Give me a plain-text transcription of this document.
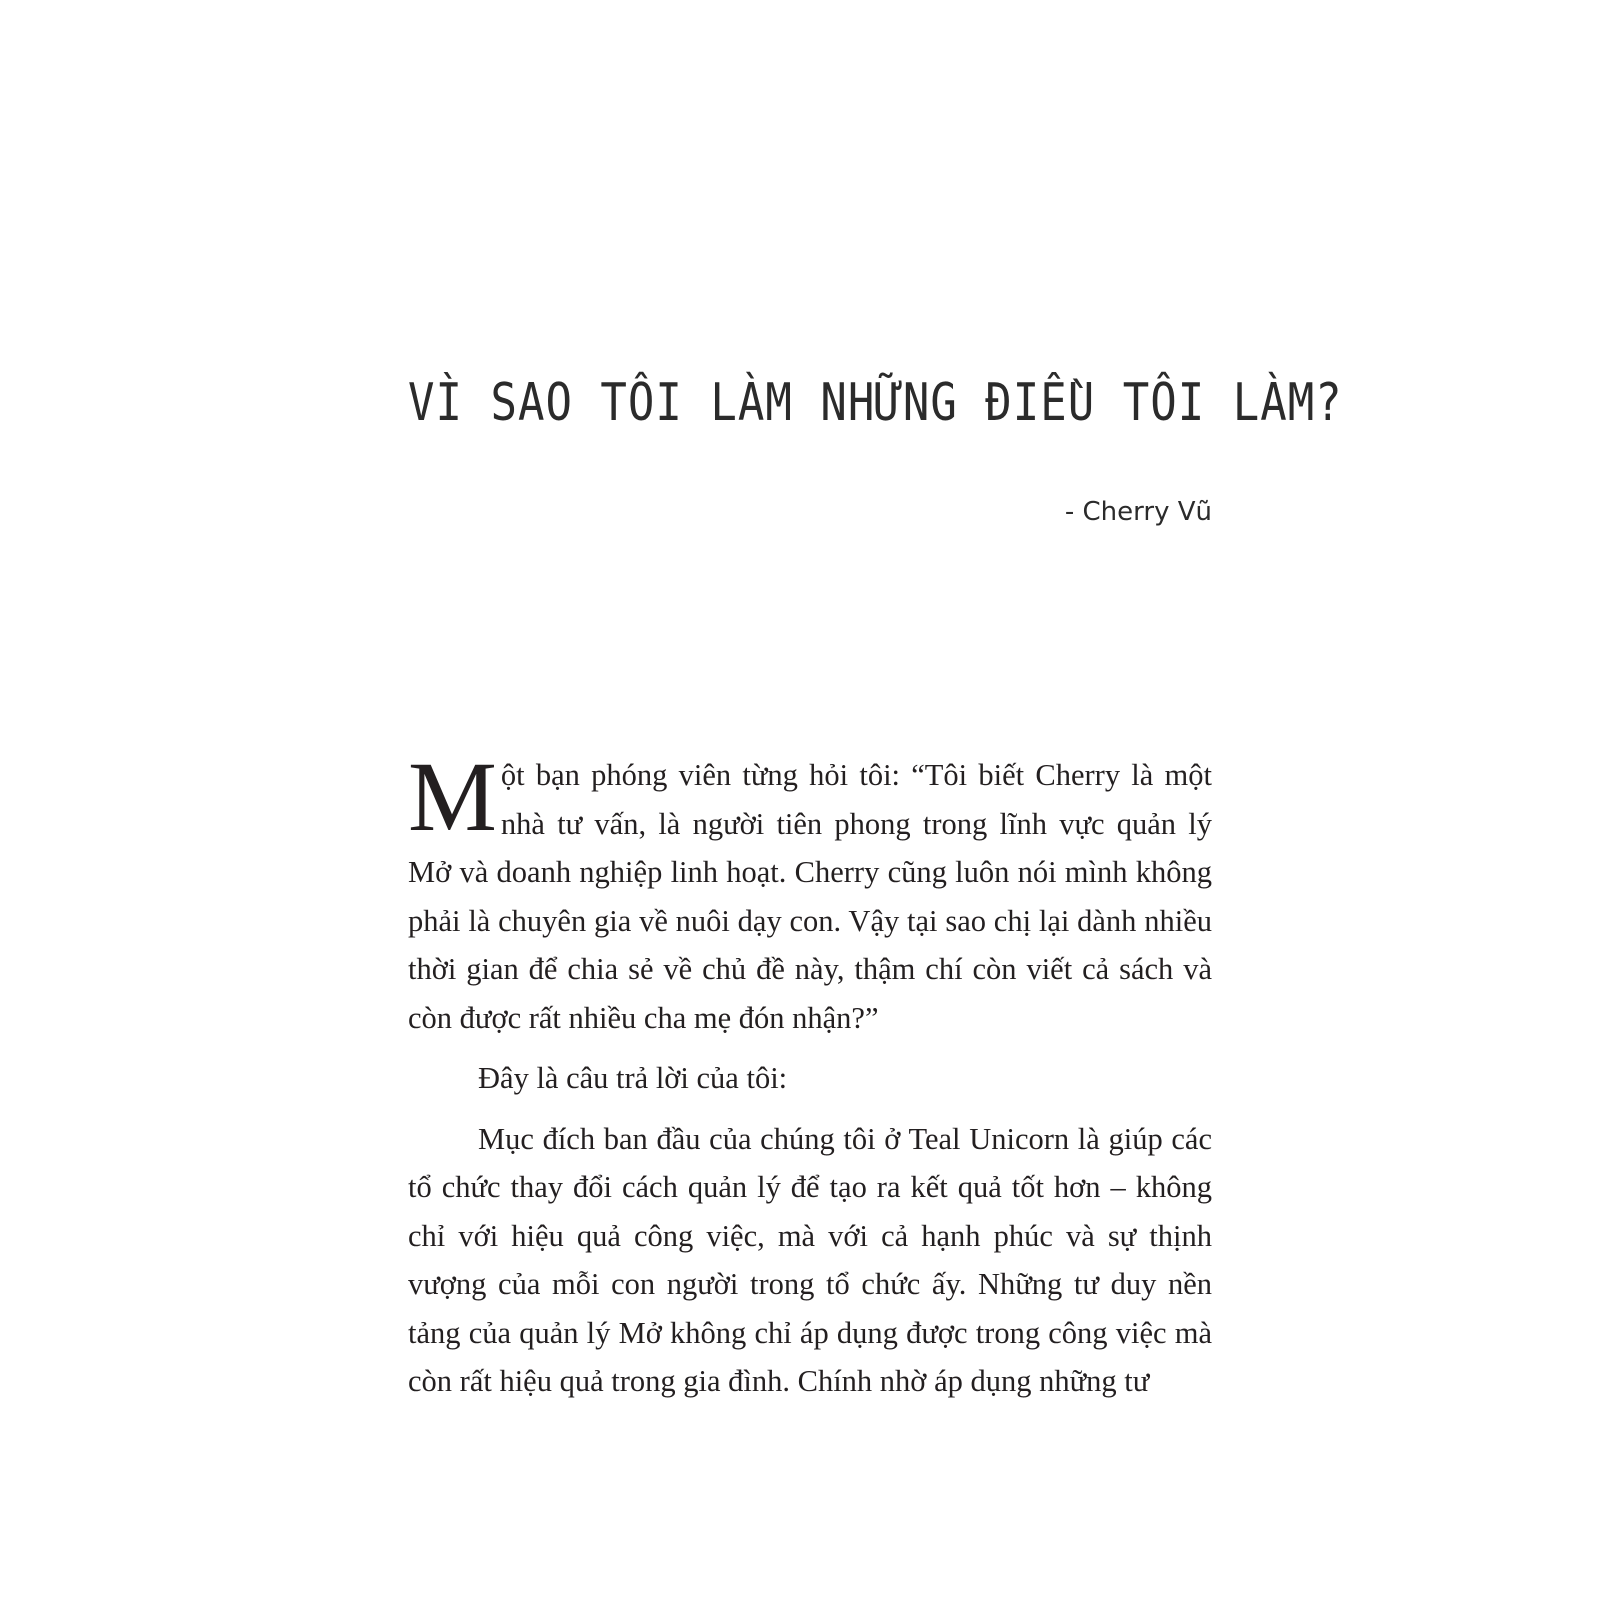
VÌ SAO TÔI LÀM NHỮNG ĐIỀU TÔI LÀM?
- Cherry Vũ

Một bạn phóng viên từng hỏi tôi: “Tôi biết Cherry là một nhà tư vấn, là người tiên phong trong lĩnh vực quản lý Mở và doanh nghiệp linh hoạt. Cherry cũng luôn nói mình không phải là chuyên gia về nuôi dạy con. Vậy tại sao chị lại dành nhiều thời gian để chia sẻ về chủ đề này, thậm chí còn viết cả sách và còn được rất nhiều cha mẹ đón nhận?”

Đây là câu trả lời của tôi:

Mục đích ban đầu của chúng tôi ở Teal Unicorn là giúp các tổ chức thay đổi cách quản lý để tạo ra kết quả tốt hơn – không chỉ với hiệu quả công việc, mà với cả hạnh phúc và sự thịnh vượng của mỗi con người trong tổ chức ấy. Những tư duy nền tảng của quản lý Mở không chỉ áp dụng được trong công việc mà còn rất hiệu quả trong gia đình. Chính nhờ áp dụng những tư
